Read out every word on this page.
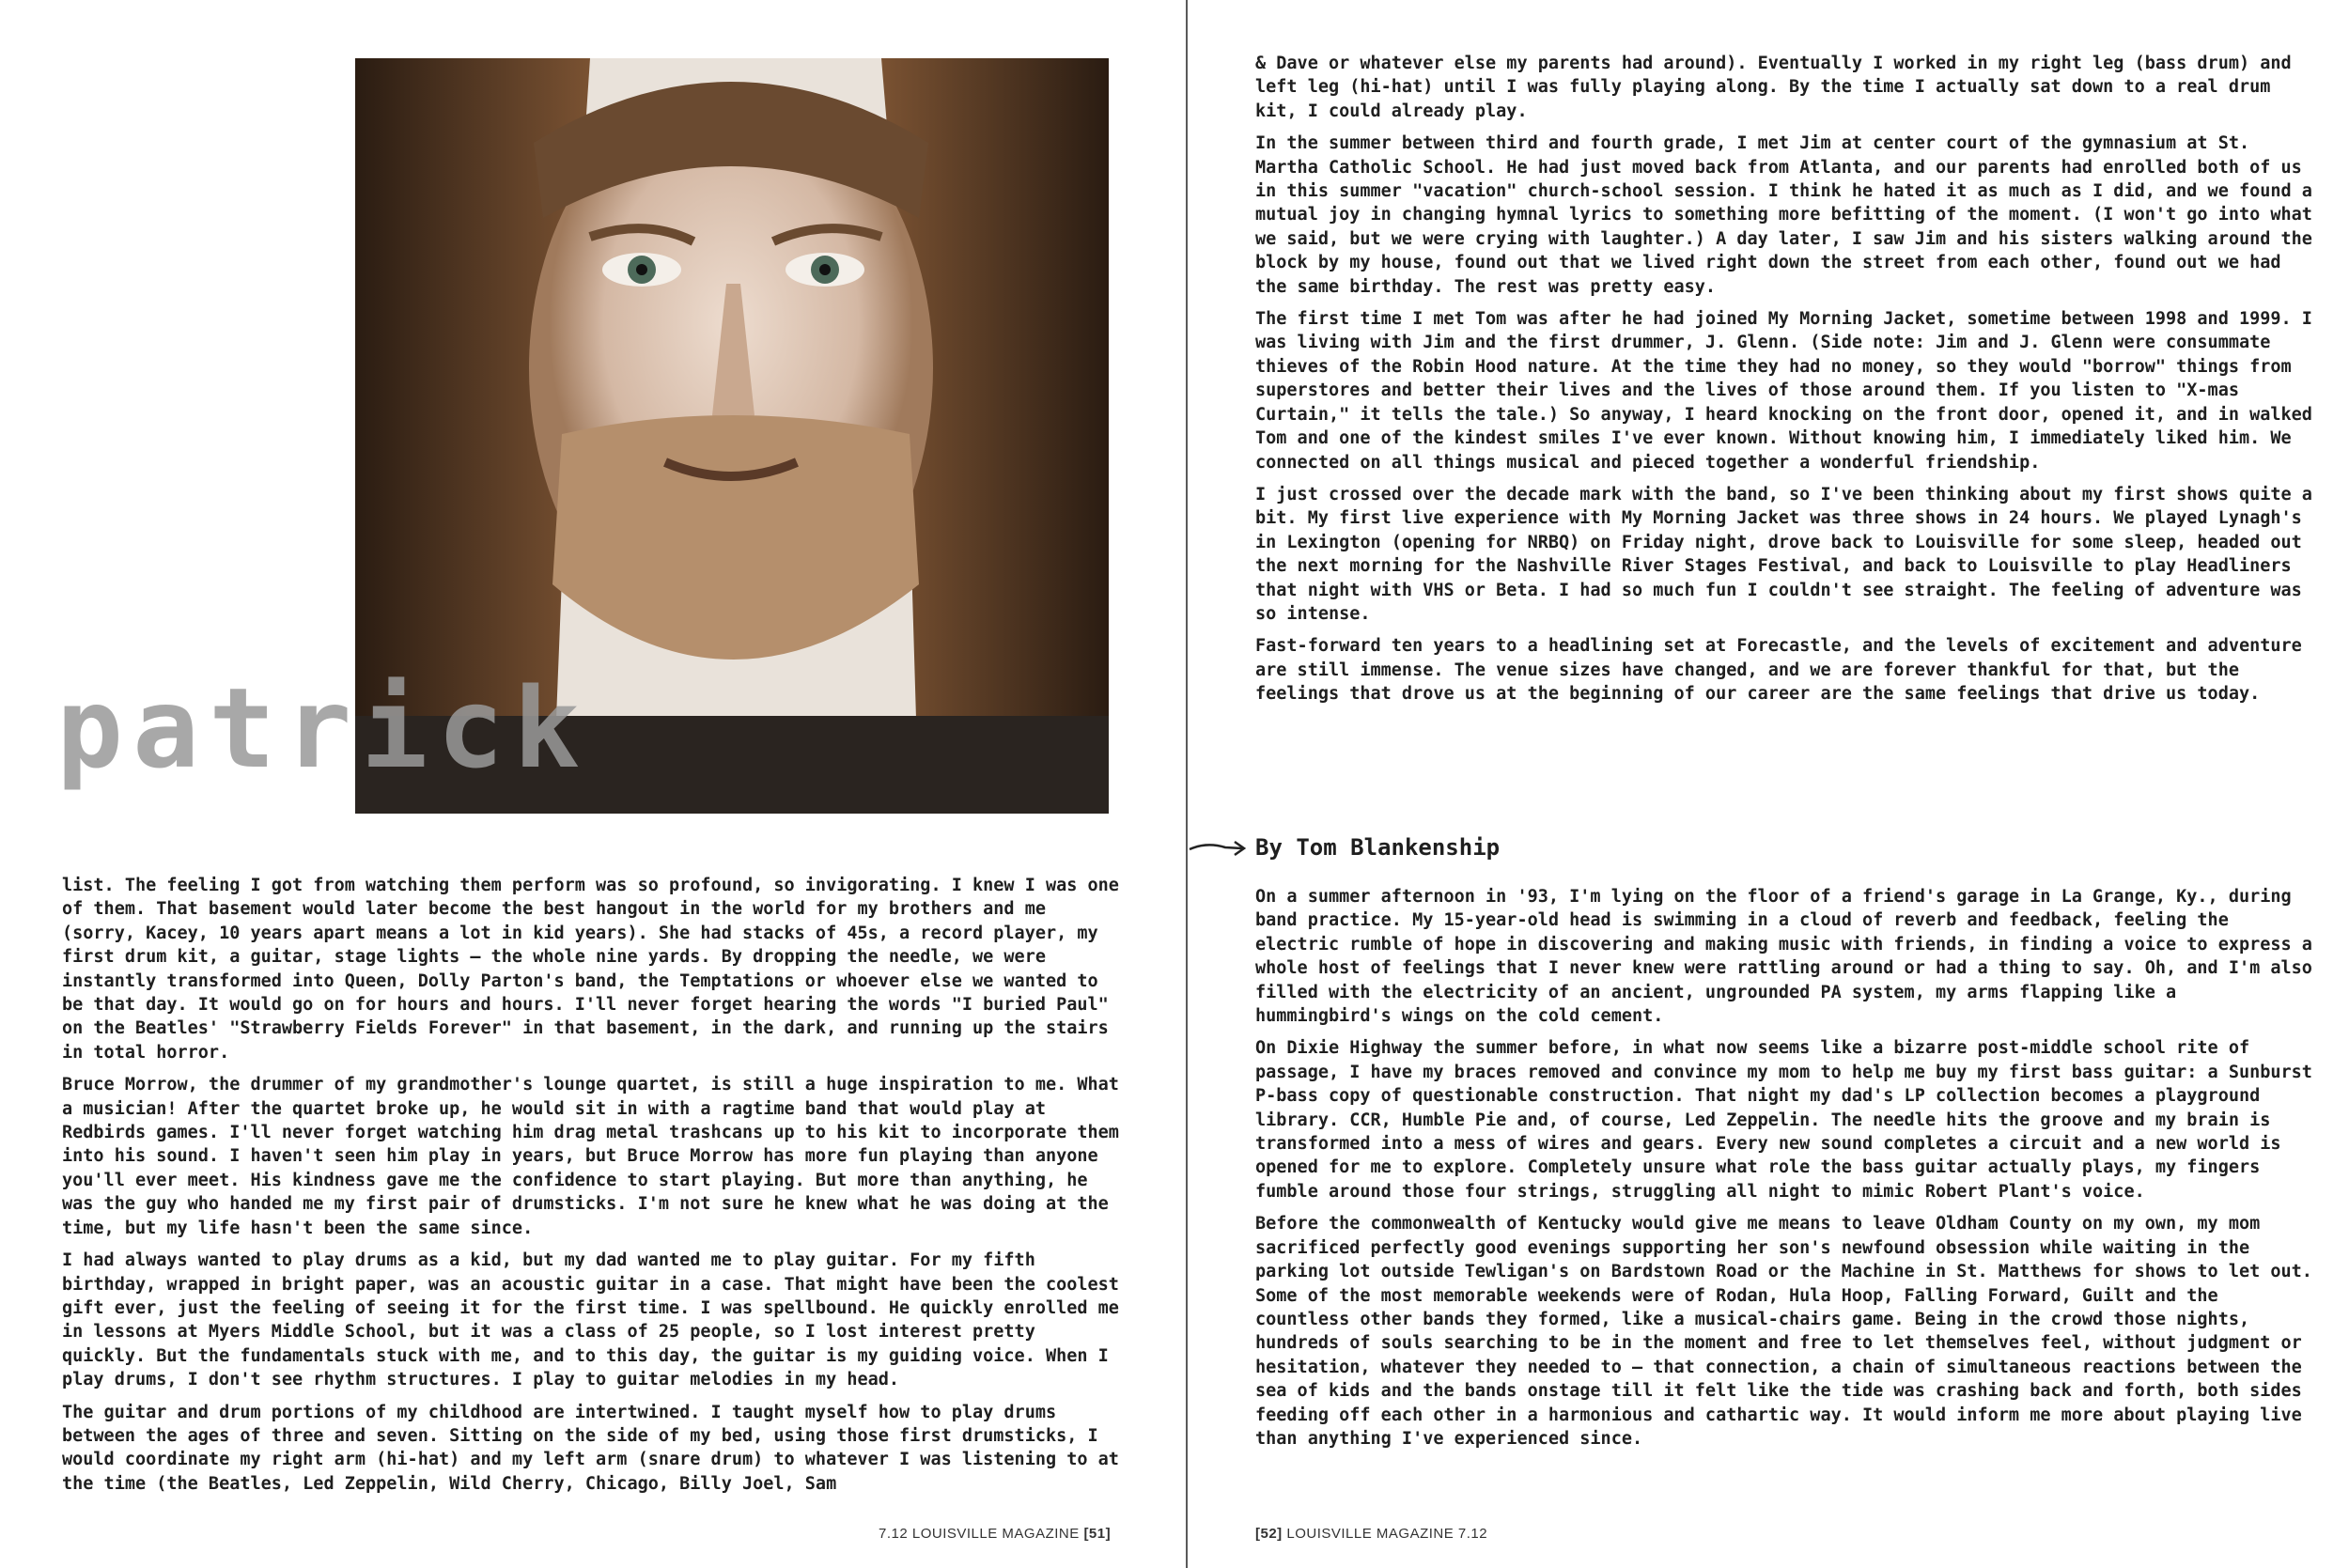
patrick

list. The feeling I got from watching them perform was so profound, so invigorating. I knew I was one of them. That basement would later become the best hangout in the world for my brothers and me (sorry, Kacey, 10 years apart means a lot in kid years). She had stacks of 45s, a record player, my first drum kit, a guitar, stage lights – the whole nine yards. By dropping the needle, we were instantly transformed into Queen, Dolly Parton's band, the Temptations or whoever else we wanted to be that day. It would go on for hours and hours. I'll never forget hearing the words "I buried Paul" on the Beatles' "Strawberry Fields Forever" in that basement, in the dark, and running up the stairs in total horror.

Bruce Morrow, the drummer of my grandmother's lounge quartet, is still a huge inspiration to me. What a musician! After the quartet broke up, he would sit in with a ragtime band that would play at Redbirds games. I'll never forget watching him drag metal trashcans up to his kit to incorporate them into his sound. I haven't seen him play in years, but Bruce Morrow has more fun playing than anyone you'll ever meet. His kindness gave me the confidence to start playing. But more than anything, he was the guy who handed me my first pair of drumsticks. I'm not sure he knew what he was doing at the time, but my life hasn't been the same since.

I had always wanted to play drums as a kid, but my dad wanted me to play guitar. For my fifth birthday, wrapped in bright paper, was an acoustic guitar in a case. That might have been the coolest gift ever, just the feeling of seeing it for the first time. I was spellbound. He quickly enrolled me in lessons at Myers Middle School, but it was a class of 25 people, so I lost interest pretty quickly. But the fundamentals stuck with me, and to this day, the guitar is my guiding voice. When I play drums, I don't see rhythm structures. I play to guitar melodies in my head.

The guitar and drum portions of my childhood are intertwined. I taught myself how to play drums between the ages of three and seven. Sitting on the side of my bed, using those first drumsticks, I would coordinate my right arm (hi-hat) and my left arm (snare drum) to whatever I was listening to at the time (the Beatles, Led Zeppelin, Wild Cherry, Chicago, Billy Joel, Sam

7.12 LOUISVILLE MAGAZINE [51]

& Dave or whatever else my parents had around). Eventually I worked in my right leg (bass drum) and left leg (hi-hat) until I was fully playing along. By the time I actually sat down to a real drum kit, I could already play.

In the summer between third and fourth grade, I met Jim at center court of the gymnasium at St. Martha Catholic School. He had just moved back from Atlanta, and our parents had enrolled both of us in this summer "vacation" church-school session. I think he hated it as much as I did, and we found a mutual joy in changing hymnal lyrics to something more befitting of the moment. (I won't go into what we said, but we were crying with laughter.) A day later, I saw Jim and his sisters walking around the block by my house, found out that we lived right down the street from each other, found out we had the same birthday. The rest was pretty easy.

The first time I met Tom was after he had joined My Morning Jacket, sometime between 1998 and 1999. I was living with Jim and the first drummer, J. Glenn. (Side note: Jim and J. Glenn were consummate thieves of the Robin Hood nature. At the time they had no money, so they would "borrow" things from superstores and better their lives and the lives of those around them. If you listen to "X-mas Curtain," it tells the tale.) So anyway, I heard knocking on the front door, opened it, and in walked Tom and one of the kindest smiles I've ever known. Without knowing him, I immediately liked him. We connected on all things musical and pieced together a wonderful friendship.

I just crossed over the decade mark with the band, so I've been thinking about my first shows quite a bit. My first live experience with My Morning Jacket was three shows in 24 hours. We played Lynagh's in Lexington (opening for NRBQ) on Friday night, drove back to Louisville for some sleep, headed out the next morning for the Nashville River Stages Festival, and back to Louisville to play Headliners that night with VHS or Beta. I had so much fun I couldn't see straight. The feeling of adventure was so intense.

Fast-forward ten years to a headlining set at Forecastle, and the levels of excitement and adventure are still immense. The venue sizes have changed, and we are forever thankful for that, but the feelings that drove us at the beginning of our career are the same feelings that drive us today.

By Tom Blankenship

On a summer afternoon in '93, I'm lying on the floor of a friend's garage in La Grange, Ky., during band practice. My 15-year-old head is swimming in a cloud of reverb and feedback, feeling the electric rumble of hope in discovering and making music with friends, in finding a voice to express a whole host of feelings that I never knew were rattling around or had a thing to say. Oh, and I'm also filled with the electricity of an ancient, ungrounded PA system, my arms flapping like a hummingbird's wings on the cold cement.

On Dixie Highway the summer before, in what now seems like a bizarre post-middle school rite of passage, I have my braces removed and convince my mom to help me buy my first bass guitar: a Sunburst P-bass copy of questionable construction. That night my dad's LP collection becomes a playground library. CCR, Humble Pie and, of course, Led Zeppelin. The needle hits the groove and my brain is transformed into a mess of wires and gears. Every new sound completes a circuit and a new world is opened for me to explore. Completely unsure what role the bass guitar actually plays, my fingers fumble around those four strings, struggling all night to mimic Robert Plant's voice.

Before the commonwealth of Kentucky would give me means to leave Oldham County on my own, my mom sacrificed perfectly good evenings supporting her son's newfound obsession while waiting in the parking lot outside Tewligan's on Bardstown Road or the Machine in St. Matthews for shows to let out. Some of the most memorable weekends were of Rodan, Hula Hoop, Falling Forward, Guilt and the countless other bands they formed, like a musical-chairs game. Being in the crowd those nights, hundreds of souls searching to be in the moment and free to let themselves feel, without judgment or hesitation, whatever they needed to – that connection, a chain of simultaneous reactions between the sea of kids and the bands onstage till it felt like the tide was crashing back and forth, both sides feeding off each other in a harmonious and cathartic way. It would inform me more about playing live than anything I've experienced since.

[52] LOUISVILLE MAGAZINE 7.12
